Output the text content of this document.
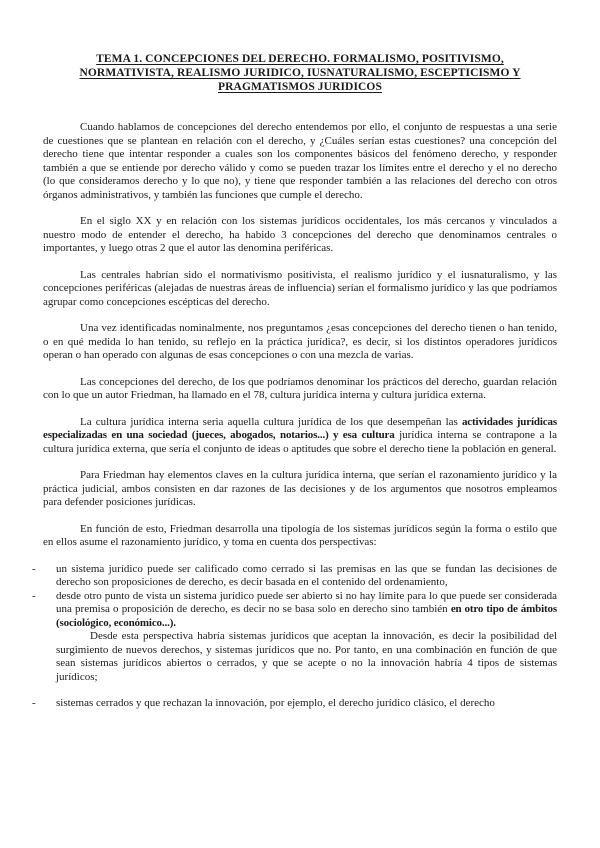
TEMA 1. CONCEPCIONES DEL DERECHO. FORMALISMO, POSITIVISMO,
NORMATIVISTA, REALISMO JURIDICO, IUSNATURALISMO, ESCEPTICISMO Y
PRAGMATISMOS JURIDICOS

Cuando hablamos de concepciones del derecho entendemos por ello, el conjunto de respuestas a una serie de cuestiones que se plantean en relación con el derecho, y ¿Cuáles serían estas cuestiones? una concepción del derecho tiene que intentar responder a cuales son los componentes básicos del fenómeno derecho, y responder también a que se entiende por derecho válido y como se pueden trazar los límites entre el derecho y el no derecho (lo que consideramos derecho y lo que no), y tiene que responder también a las relaciones del derecho con otros órganos administrativos, y también las funciones que cumple el derecho.

En el siglo XX y en relación con los sistemas jurídicos occidentales, los más cercanos y vinculados a nuestro modo de entender el derecho, ha habido 3 concepciones del derecho que denominamos centrales o importantes, y luego otras 2 que el autor las denomina periféricas.

Las centrales habrían sido el normativismo positivista, el realismo jurídico y el iusnaturalismo, y las concepciones periféricas (alejadas de nuestras áreas de influencia) serían el formalismo jurídico y las que podríamos agrupar como concepciones escépticas del derecho.

Una vez identificadas nominalmente, nos preguntamos ¿esas concepciones del derecho tienen o han tenido, o en qué medida lo han tenido, su reflejo en la práctica jurídica?, es decir, si los distintos operadores jurídicos operan o han operado con algunas de esas concepciones o con una mezcla de varias.

Las concepciones del derecho, de los que podríamos denominar los prácticos del derecho, guardan relación con lo que un autor Friedman, ha llamado en el 78, cultura jurídica interna y cultura jurídica externa.

La cultura jurídica interna seria aquella cultura jurídica de los que desempeñan las actividades jurídicas especializadas en una sociedad (jueces, abogados, notarios...) y esa cultura jurídica interna se contrapone a la cultura jurídica externa, que sería el conjunto de ideas o aptitudes que sobre el derecho tiene la población en general.

Para Friedman hay elementos claves en la cultura jurídica interna, que serían el razonamiento jurídico y la práctica judicial, ambos consisten en dar razones de las decisiones y de los argumentos que nosotros empleamos para defender posiciones jurídicas.

En función de esto, Friedman desarrolla una tipología de los sistemas jurídicos según la forma o estilo que en ellos asume el razonamiento jurídico, y toma en cuenta dos perspectivas:

- un sistema jurídico puede ser calificado como cerrado si las premisas en las que se fundan las decisiones de derecho son proposiciones de derecho, es decir basada en el contenido del ordenamiento,
- desde otro punto de vista un sistema jurídico puede ser abierto si no hay límite para lo que puede ser considerada una premisa o proposición de derecho, es decir no se basa solo en derecho sino también en otro tipo de ámbitos (sociológico, económico...).

Desde esta perspectiva habría sistemas jurídicos que aceptan la innovación, es decir la posibilidad del surgimiento de nuevos derechos, y sistemas jurídicos que no. Por tanto, en una combinación en función de que sean sistemas jurídicos abiertos o cerrados, y que se acepte o no la innovación habría 4 tipos de sistemas jurídicos;

- sistemas cerrados y que rechazan la innovación, por ejemplo, el derecho jurídico clásico, el derecho
